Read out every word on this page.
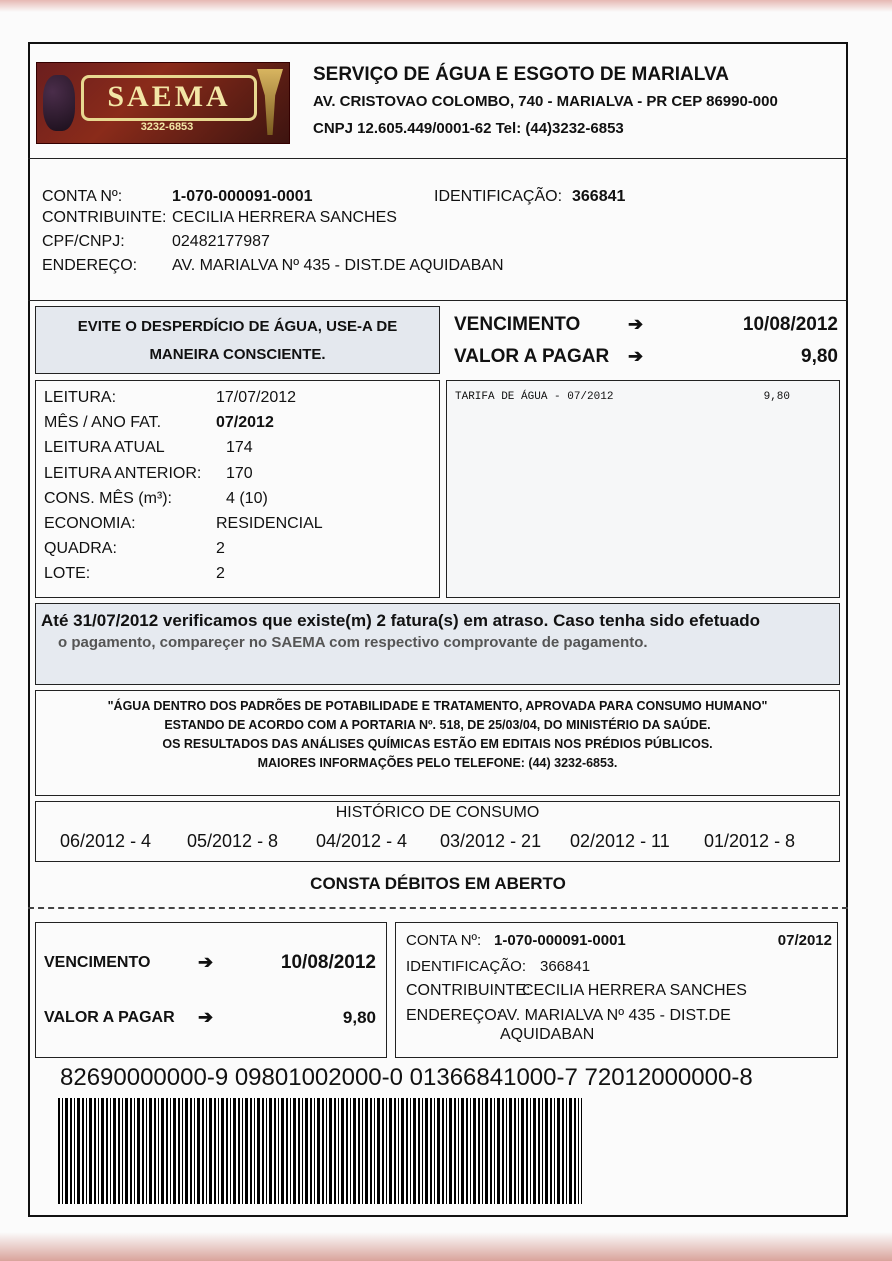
SAEMA
3232-6853
SERVIÇO DE ÁGUA E ESGOTO DE MARIALVA
AV. CRISTOVAO COLOMBO, 740 - MARIALVA - PR CEP 86990-000
CNPJ 12.605.449/0001-62 Tel: (44)3232-6853
CONTA Nº:	1-070-000091-0001	IDENTIFICAÇÃO: 366841
CONTRIBUINTE: CECILIA HERRERA SANCHES
CPF/CNPJ:	02482177987
ENDEREÇO: AV. MARIALVA Nº 435 - DIST.DE AQUIDABAN
EVITE O DESPERDÍCIO DE ÁGUA, USE-A DE
MANEIRA CONSCIENTE.
VENCIMENTO	➔	10/08/2012
VALOR A PAGAR ➔	9,80
LEITURA:	17/07/2012
MÊS / ANO FAT.	07/2012
LEITURA ATUAL	174
LEITURA ANTERIOR: 170
CONS. MÊS (m³):	4 (10)
ECONOMIA:	RESIDENCIAL
QUADRA:	2
LOTE:	2
TARIFA DE ÁGUA - 07/2012	9,80
Até 31/07/2012 verificamos que existe(m) 2 fatura(s) em atraso. Caso tenha sido efetuado
o pagamento, compareçer no SAEMA com respectivo comprovante de pagamento.
"ÁGUA DENTRO DOS PADRÕES DE POTABILIDADE E TRATAMENTO, APROVADA PARA CONSUMO HUMANO"
ESTANDO DE ACORDO COM A PORTARIA Nº. 518, DE 25/03/04, DO MINISTÉRIO DA SAÚDE.
OS RESULTADOS DAS ANÁLISES QUÍMICAS ESTÃO EM EDITAIS NOS PRÉDIOS PÚBLICOS.
MAIORES INFORMAÇÕES PELO TELEFONE: (44) 3232-6853.
HISTÓRICO DE CONSUMO
06/2012 - 4 05/2012 - 8 04/2012 - 4 03/2012 - 21 02/2012 - 11 01/2012 - 8
CONSTA DÉBITOS EM ABERTO
VENCIMENTO	➔	10/08/2012
VALOR A PAGAR ➔	9,80
CONTA Nº: 1-070-000091-0001	07/2012
IDENTIFICAÇÃO: 366841
CONTRIBUINTE:
CECILIA HERRERA SANCHES
ENDEREÇO:
AV. MARIALVA Nº 435 - DIST.DE
AQUIDABAN
82690000000-9 09801002000-0 01366841000-7 72012000000-8
